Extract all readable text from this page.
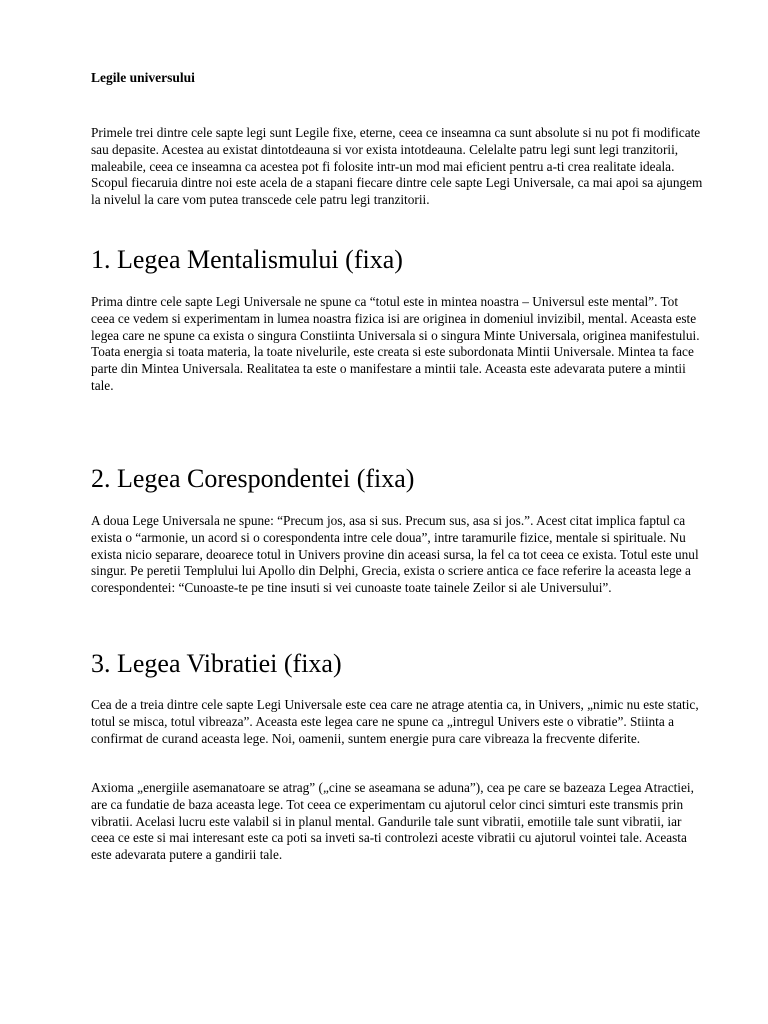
Legile universului

Primele trei dintre cele sapte legi sunt Legile fixe, eterne, ceea ce inseamna ca sunt absolute si nu pot fi modificate sau depasite. Acestea au existat dintotdeauna si vor exista intotdeauna. Celelalte patru legi sunt legi tranzitorii, maleabile, ceea ce inseamna ca acestea pot fi folosite intr-un mod mai eficient pentru a-ti crea realitate ideala. Scopul fiecaruia dintre noi este acela de a stapani fiecare dintre cele sapte Legi Universale, ca mai apoi sa ajungem la nivelul la care vom putea transcede cele patru legi tranzitorii.

1. Legea Mentalismului (fixa)

Prima dintre cele sapte Legi Universale ne spune ca “totul este in mintea noastra – Universul este mental”. Tot ceea ce vedem si experimentam in lumea noastra fizica isi are originea in domeniul invizibil, mental. Aceasta este legea care ne spune ca exista o singura Constiinta Universala si o singura Minte Universala, originea manifestului. Toata energia si toata materia, la toate nivelurile, este creata si este subordonata Mintii Universale. Mintea ta face parte din Mintea Universala. Realitatea ta este o manifestare a mintii tale. Aceasta este adevarata putere a mintii tale.

2. Legea Corespondentei (fixa)

A doua Lege Universala ne spune: “Precum jos, asa si sus. Precum sus, asa si jos.”. Acest citat implica faptul ca exista o “armonie, un acord si o corespondenta intre cele doua”, intre taramurile fizice, mentale si spirituale. Nu exista nicio separare, deoarece totul in Univers provine din aceasi sursa, la fel ca tot ceea ce exista. Totul este unul singur. Pe peretii Templului lui Apollo din Delphi, Grecia, exista o scriere antica ce face referire la aceasta lege a corespondentei: “Cunoaste-te pe tine insuti si vei cunoaste toate tainele Zeilor si ale Universului”.

3. Legea Vibratiei (fixa)

Cea de a treia dintre cele sapte Legi Universale este cea care ne atrage atentia ca, in Univers, „nimic nu este static, totul se misca, totul vibreaza”. Aceasta este legea care ne spune ca „intregul Univers este o vibratie”. Stiinta a confirmat de curand aceasta lege. Noi, oamenii, suntem energie pura care vibreaza la frecvente diferite.

Axioma „energiile asemanatoare se atrag” („cine se aseamana se aduna”), cea pe care se bazeaza Legea Atractiei, are ca fundatie de baza aceasta lege. Tot ceea ce experimentam cu ajutorul celor cinci simturi este transmis prin vibratii. Acelasi lucru este valabil si in planul mental. Gandurile tale sunt vibratii, emotiile tale sunt vibratii, iar ceea ce este si mai interesant este ca poti sa inveti sa-ti controlezi aceste vibratii cu ajutorul vointei tale. Aceasta este adevarata putere a gandirii tale.
